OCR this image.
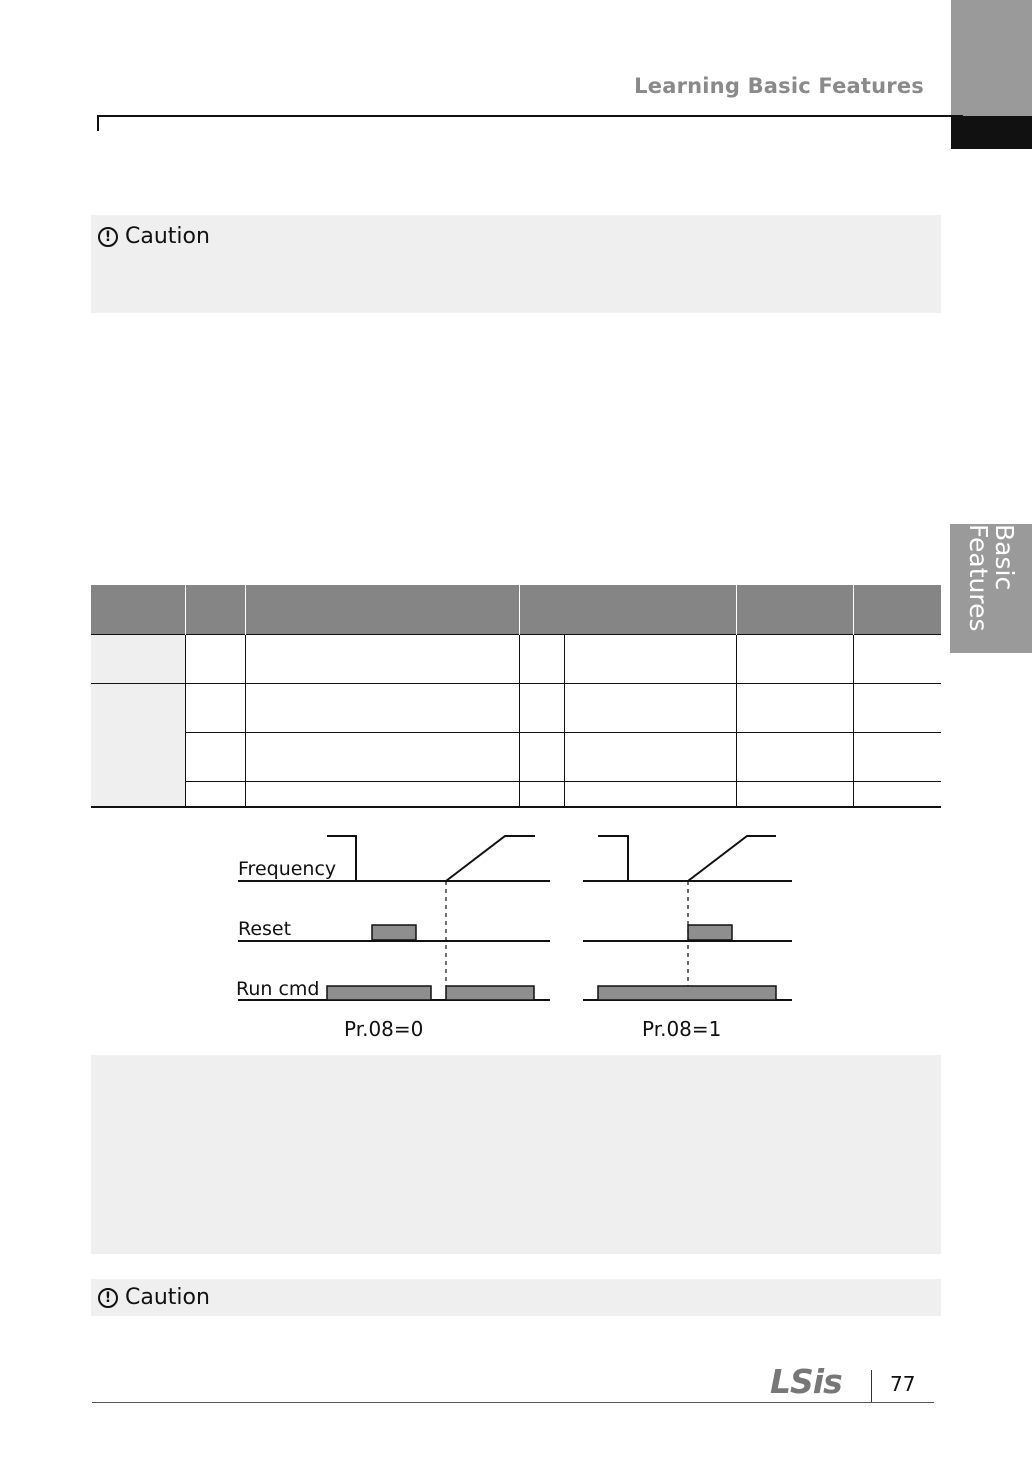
Learning Basic Features
Basic Features
! Caution

Frequency
Reset
Run cmd
Pr.08=0	Pr.08=1
! Caution
LSis 77
